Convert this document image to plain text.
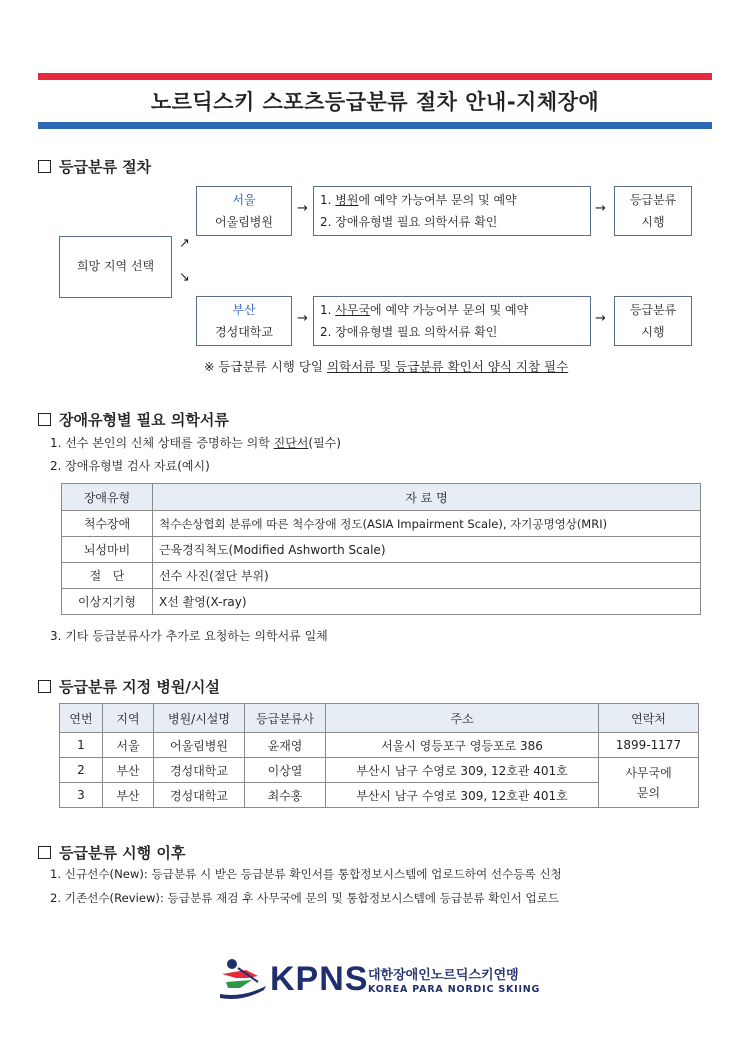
노르딕스키 스포츠등급분류 절차 안내-지체장애
등급분류 절차
희망 지역 선택
↗
↘
서울
어울림병원
→
1. 병원에 예약 가능여부 문의 및 예약
2. 장애유형별 필요 의학서류 확인
→
등급분류
시행
부산
경성대학교
→
1. 사무국에 예약 가능여부 문의 및 예약
2. 장애유형별 필요 의학서류 확인
→
등급분류
시행
※ 등급분류 시행 당일 의학서류 및 등급분류 확인서 양식 지참 필수
장애유형별 필요 의학서류
1. 선수 본인의 신체 상태를 증명하는 의학 진단서(필수)
2. 장애유형별 검사 자료(예시)
장애유형	자 료 명
척수장애	척수손상협회 분류에 따른 척수장애 정도(ASIA Impairment Scale), 자기공명영상(MRI)
뇌성마비	근육경직척도(Modified Ashworth Scale)
절   단	선수 사진(절단 부위)
이상지기형	X선 촬영(X-ray)
3. 기타 등급분류사가 추가로 요청하는 의학서류 일체
등급분류 지정 병원/시설
연번	지역	병원/시설명	등급분류사	주소	연락처
1	서울	어울림병원	윤재영	서울시 영등포구 영등포로 386	1899-1177
2	부산	경성대학교	이상열	부산시 남구 수영로 309, 12호관 401호	사무국에
문의

3	부산	경성대학교	최수홍	부산시 남구 수영로 309, 12호관 401호	
등급분류 시행 이후
1. 신규선수(New): 등급분류 시 받은 등급분류 확인서를 통합정보시스템에 업로드하여 선수등록 신청
2. 기존선수(Review): 등급분류 재검 후 사무국에 문의 및 통합정보시스템에 등급분류 확인서 업로드
KPNS 대한장애인노르딕스키연맹
KOREA PARA NORDIC SKIING
